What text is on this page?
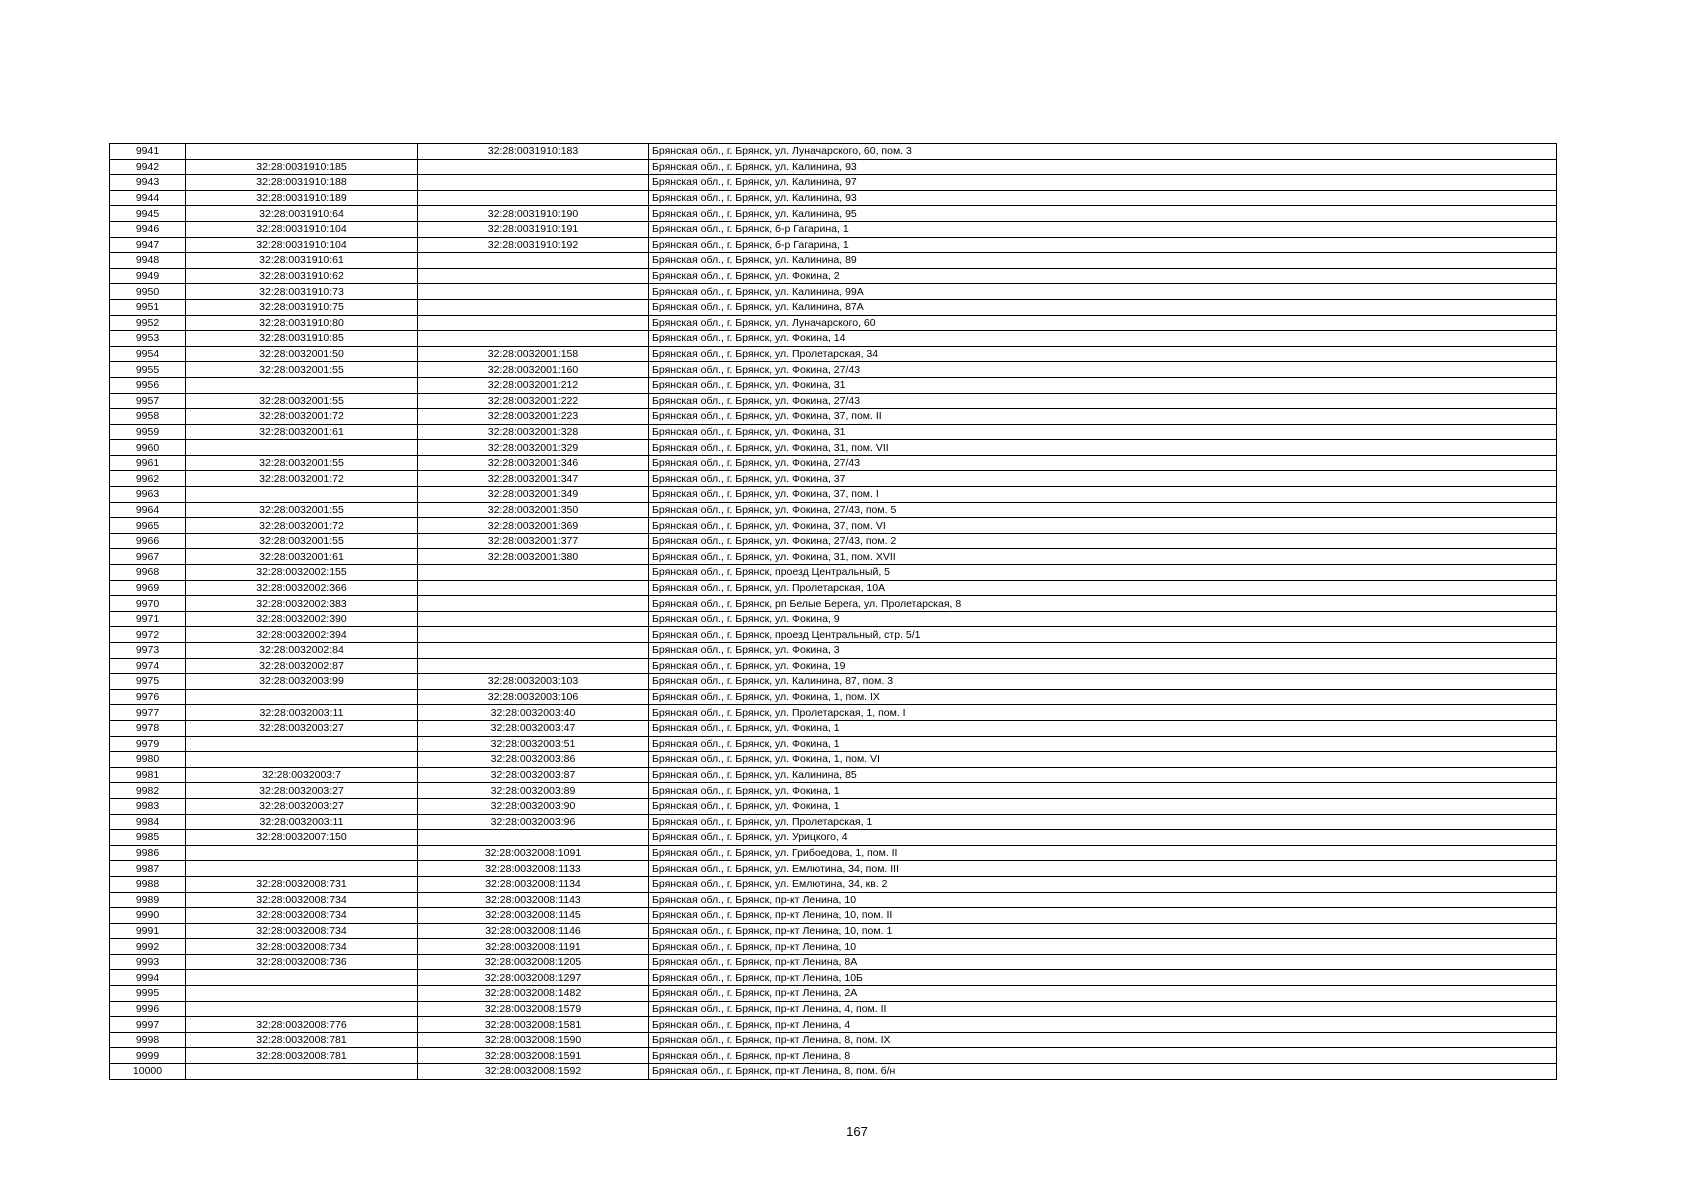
9941		32:28:0031910:183	Брянская обл., г. Брянск, ул. Луначарского, 60, пом. 3
9942	32:28:0031910:185		Брянская обл., г. Брянск, ул. Калинина, 93
9943	32:28:0031910:188		Брянская обл., г. Брянск, ул. Калинина, 97
9944	32:28:0031910:189		Брянская обл., г. Брянск, ул. Калинина, 93
9945	32:28:0031910:64	32:28:0031910:190	Брянская обл., г. Брянск, ул. Калинина, 95
9946	32:28:0031910:104	32:28:0031910:191	Брянская обл., г. Брянск, б-р Гагарина, 1
9947	32:28:0031910:104	32:28:0031910:192	Брянская обл., г. Брянск, б-р Гагарина, 1
9948	32:28:0031910:61		Брянская обл., г. Брянск, ул. Калинина, 89
9949	32:28:0031910:62		Брянская обл., г. Брянск, ул. Фокина, 2
9950	32:28:0031910:73		Брянская обл., г. Брянск, ул. Калинина, 99А
9951	32:28:0031910:75		Брянская обл., г. Брянск, ул. Калинина, 87А
9952	32:28:0031910:80		Брянская обл., г. Брянск, ул. Луначарского, 60
9953	32:28:0031910:85		Брянская обл., г. Брянск, ул. Фокина, 14
9954	32:28:0032001:50	32:28:0032001:158	Брянская обл., г. Брянск, ул. Пролетарская, 34
9955	32:28:0032001:55	32:28:0032001:160	Брянская обл., г. Брянск, ул. Фокина, 27/43
9956		32:28:0032001:212	Брянская обл., г. Брянск, ул. Фокина, 31
9957	32:28:0032001:55	32:28:0032001:222	Брянская обл., г. Брянск, ул. Фокина, 27/43
9958	32:28:0032001:72	32:28:0032001:223	Брянская обл., г. Брянск, ул. Фокина, 37, пом. II
9959	32:28:0032001:61	32:28:0032001:328	Брянская обл., г. Брянск, ул. Фокина, 31
9960		32:28:0032001:329	Брянская обл., г. Брянск, ул. Фокина, 31, пом. VII
9961	32:28:0032001:55	32:28:0032001:346	Брянская обл., г. Брянск, ул. Фокина, 27/43
9962	32:28:0032001:72	32:28:0032001:347	Брянская обл., г. Брянск, ул. Фокина, 37
9963		32:28:0032001:349	Брянская обл., г. Брянск, ул. Фокина, 37, пом. I
9964	32:28:0032001:55	32:28:0032001:350	Брянская обл., г. Брянск, ул. Фокина, 27/43, пом. 5
9965	32:28:0032001:72	32:28:0032001:369	Брянская обл., г. Брянск, ул. Фокина, 37, пом. VI
9966	32:28:0032001:55	32:28:0032001:377	Брянская обл., г. Брянск, ул. Фокина, 27/43, пом. 2
9967	32:28:0032001:61	32:28:0032001:380	Брянская обл., г. Брянск, ул. Фокина, 31, пом. XVII
9968	32:28:0032002:155		Брянская обл., г. Брянск, проезд Центральный, 5
9969	32:28:0032002:366		Брянская обл., г. Брянск, ул. Пролетарская, 10А
9970	32:28:0032002:383		Брянская обл., г. Брянск, рп Белые Берега, ул. Пролетарская, 8
9971	32:28:0032002:390		Брянская обл., г. Брянск, ул. Фокина, 9
9972	32:28:0032002:394		Брянская обл., г. Брянск, проезд Центральный, стр. 5/1
9973	32:28:0032002:84		Брянская обл., г. Брянск, ул. Фокина, 3
9974	32:28:0032002:87		Брянская обл., г. Брянск, ул. Фокина, 19
9975	32:28:0032003:99	32:28:0032003:103	Брянская обл., г. Брянск, ул. Калинина, 87, пом. 3
9976		32:28:0032003:106	Брянская обл., г. Брянск, ул. Фокина, 1, пом. IX
9977	32:28:0032003:11	32:28:0032003:40	Брянская обл., г. Брянск, ул. Пролетарская, 1, пом. I
9978	32:28:0032003:27	32:28:0032003:47	Брянская обл., г. Брянск, ул. Фокина, 1
9979		32:28:0032003:51	Брянская обл., г. Брянск, ул. Фокина, 1
9980		32:28:0032003:86	Брянская обл., г. Брянск, ул. Фокина, 1, пом. VI
9981	32:28:0032003:7	32:28:0032003:87	Брянская обл., г. Брянск, ул. Калинина, 85
9982	32:28:0032003:27	32:28:0032003:89	Брянская обл., г. Брянск, ул. Фокина, 1
9983	32:28:0032003:27	32:28:0032003:90	Брянская обл., г. Брянск, ул. Фокина, 1
9984	32:28:0032003:11	32:28:0032003:96	Брянская обл., г. Брянск, ул. Пролетарская, 1
9985	32:28:0032007:150		Брянская обл., г. Брянск, ул. Урицкого, 4
9986		32:28:0032008:1091	Брянская обл., г. Брянск, ул. Грибоедова, 1, пом. II
9987		32:28:0032008:1133	Брянская обл., г. Брянск, ул. Емлютина, 34, пом. III
9988	32:28:0032008:731	32:28:0032008:1134	Брянская обл., г. Брянск, ул. Емлютина, 34, кв. 2
9989	32:28:0032008:734	32:28:0032008:1143	Брянская обл., г. Брянск, пр-кт Ленина, 10
9990	32:28:0032008:734	32:28:0032008:1145	Брянская обл., г. Брянск, пр-кт Ленина, 10, пом. II
9991	32:28:0032008:734	32:28:0032008:1146	Брянская обл., г. Брянск, пр-кт Ленина, 10, пом. 1
9992	32:28:0032008:734	32:28:0032008:1191	Брянская обл., г. Брянск, пр-кт Ленина, 10
9993	32:28:0032008:736	32:28:0032008:1205	Брянская обл., г. Брянск, пр-кт Ленина, 8А
9994		32:28:0032008:1297	Брянская обл., г. Брянск, пр-кт Ленина, 10Б
9995		32:28:0032008:1482	Брянская обл., г. Брянск, пр-кт Ленина, 2А
9996		32:28:0032008:1579	Брянская обл., г. Брянск, пр-кт Ленина, 4, пом. II
9997	32:28:0032008:776	32:28:0032008:1581	Брянская обл., г. Брянск, пр-кт Ленина, 4
9998	32:28:0032008:781	32:28:0032008:1590	Брянская обл., г. Брянск, пр-кт Ленина, 8, пом. IX
9999	32:28:0032008:781	32:28:0032008:1591	Брянская обл., г. Брянск, пр-кт Ленина, 8
10000		32:28:0032008:1592	Брянская обл., г. Брянск, пр-кт Ленина, 8, пом. б/н
167
